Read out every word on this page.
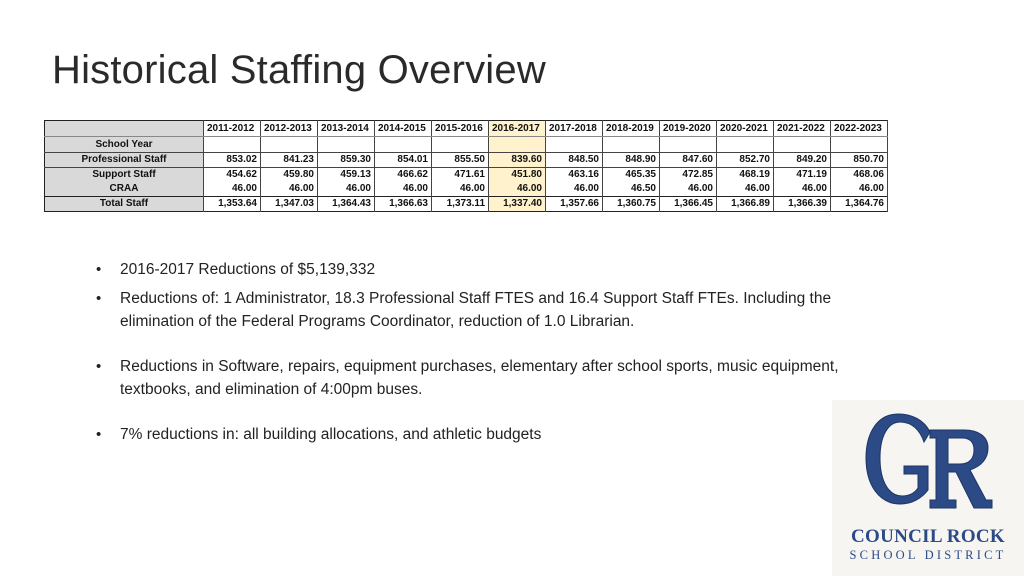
Historical Staffing Overview
	2011-2012	2012-2013	2013-2014	2014-2015	2015-2016	2016-2017	2017-2018	2018-2019	2019-2020	2020-2021	2021-2022	2022-2023
School Year												
Professional Staff	853.02	841.23	859.30	854.01	855.50	839.60	848.50	848.90	847.60	852.70	849.20	850.70
Support Staff	454.62	459.80	459.13	466.62	471.61	451.80	463.16	465.35	472.85	468.19	471.19	468.06
CRAA	46.00	46.00	46.00	46.00	46.00	46.00	46.00	46.50	46.00	46.00	46.00	46.00
Total Staff	1,353.64	1,347.03	1,364.43	1,366.63	1,373.11	1,337.40	1,357.66	1,360.75	1,366.45	1,366.89	1,366.39	1,364.76
• 2016-2017 Reductions of $5,139,332
• Reductions of: 1 Administrator, 18.3 Professional Staff FTES and 16.4 Support Staff FTEs. Including the elimination of the Federal Programs Coordinator, reduction of 1.0 Librarian.
• Reductions in Software, repairs, equipment purchases, elementary after school sports, music equipment, textbooks, and elimination of 4:00pm buses.
• 7% reductions in: all building allocations, and athletic budgets
COUNCIL ROCK
SCHOOL DISTRICT
